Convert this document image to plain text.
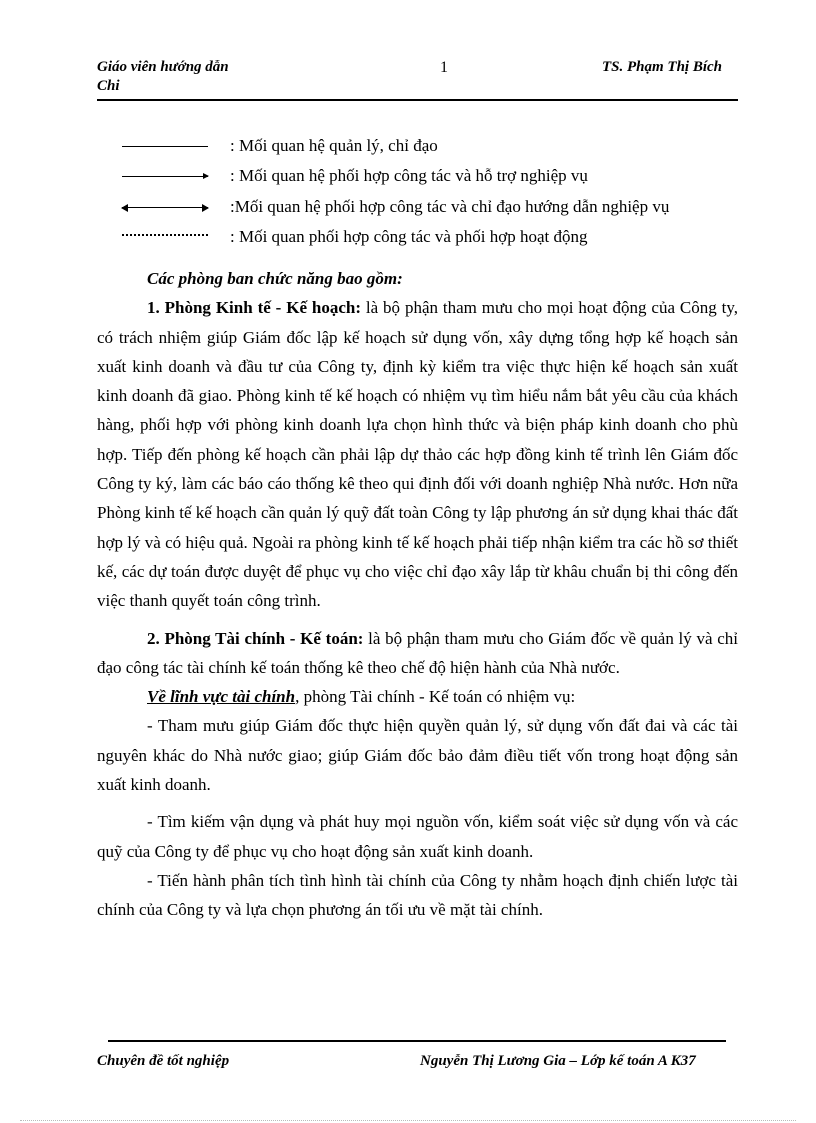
Giáo viên hướng dẫn
Chi
1	TS. Phạm Thị Bích
: Mối quan hệ quản lý, chỉ đạo
: Mối quan hệ phối hợp công tác và hỗ trợ nghiệp vụ
:Mối quan hệ phối hợp công tác và chỉ đạo hướng dẫn nghiệp vụ
: Mối quan phối hợp công tác và phối hợp hoạt động

Các phòng ban chức năng bao gồm:

1. Phòng Kinh tế - Kế hoạch: là bộ phận tham mưu cho mọi hoạt động của Công ty, có trách nhiệm giúp Giám đốc lập kế hoạch sử dụng vốn, xây dựng tổng hợp kế hoạch sản xuất kinh doanh và đầu tư của Công ty, định kỳ kiểm tra việc thực hiện kế hoạch sản xuất kinh doanh đã giao. Phòng kinh tế kế hoạch có nhiệm vụ tìm hiểu nắm bắt yêu cầu của khách hàng, phối hợp với phòng kinh doanh lựa chọn hình thức và biện pháp kinh doanh cho phù hợp. Tiếp đến phòng kế hoạch cần phải lập dự thảo các hợp đồng kinh tế trình lên Giám đốc Công ty ký, làm các báo cáo thống kê theo qui định đối với doanh nghiệp Nhà nước. Hơn nữa Phòng kinh tế kế hoạch cần quản lý quỹ đất toàn Công ty lập phương án sử dụng khai thác đất hợp lý và có hiệu quả. Ngoài ra phòng kinh tế kế hoạch phải tiếp nhận kiểm tra các hồ sơ thiết kế, các dự toán được duyệt để phục vụ cho việc chỉ đạo xây lắp từ khâu chuẩn bị thi công đến việc thanh quyết toán công trình.

2. Phòng Tài chính - Kế toán: là bộ phận tham mưu cho Giám đốc về quản lý và chỉ đạo công tác tài chính kế toán thống kê theo chế độ hiện hành của Nhà nước.

Về lĩnh vực tài chính, phòng Tài chính - Kế toán có nhiệm vụ:

- Tham mưu giúp Giám đốc thực hiện quyền quản lý, sử dụng vốn đất đai và các tài nguyên khác do Nhà nước giao; giúp Giám đốc bảo đảm điều tiết vốn trong hoạt động sản xuất kinh doanh.

- Tìm kiếm vận dụng và phát huy mọi nguồn vốn, kiểm soát việc sử dụng vốn và các quỹ của Công ty để phục vụ cho hoạt động sản xuất kinh doanh.

- Tiến hành phân tích tình hình tài chính của Công ty nhằm hoạch định chiến lược tài chính của Công ty và lựa chọn phương án tối ưu về mặt tài chính.

Chuyên đề tốt nghiệp	Nguyễn Thị Lương Gia – Lớp kế toán A K37
